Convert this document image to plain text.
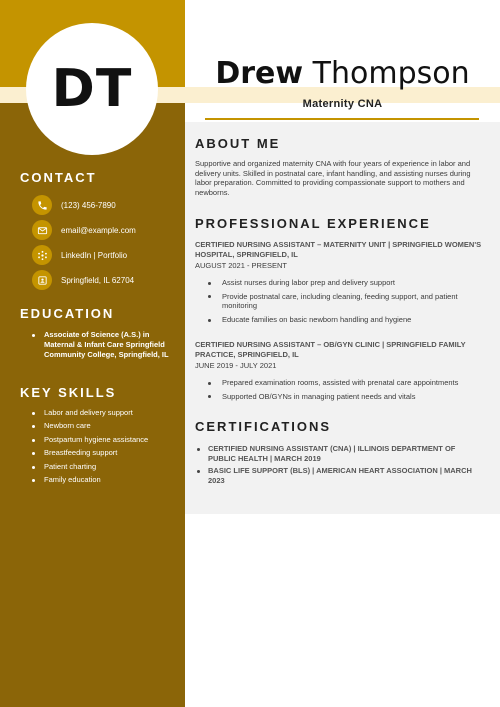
DT	Drew Thompson
Maternity CNA
CONTACT
(123) 456-7890
email@example.com
LinkedIn | Portfolio
Springfield, IL 62704
EDUCATION
Associate of Science (A.S.) in Maternal & Infant Care Springfield Community College, Springfield, IL
KEY SKILLS
Labor and delivery support
Newborn care
Postpartum hygiene assistance
Breastfeeding support
Patient charting
Family education
ABOUT ME
Supportive and organized maternity CNA with four years of experience in labor and delivery units. Skilled in postnatal care, infant handling, and assisting nurses during labor preparation. Committed to providing compassionate support to mothers and newborns.
PROFESSIONAL EXPERIENCE
CERTIFIED NURSING ASSISTANT – MATERNITY UNIT | SPRINGFIELD WOMEN'S HOSPITAL, SPRINGFIELD, IL
AUGUST 2021 - PRESENT
Assist nurses during labor prep and delivery support
Provide postnatal care, including cleaning, feeding support, and patient monitoring
Educate families on basic newborn handling and hygiene
CERTIFIED NURSING ASSISTANT – OB/GYN CLINIC | SPRINGFIELD FAMILY PRACTICE, SPRINGFIELD, IL
JUNE 2019 - JULY 2021
Prepared examination rooms, assisted with prenatal care appointments
Supported OB/GYNs in managing patient needs and vitals
CERTIFICATIONS
CERTIFIED NURSING ASSISTANT (CNA) | ILLINOIS DEPARTMENT OF PUBLIC HEALTH | MARCH 2019
BASIC LIFE SUPPORT (BLS) | AMERICAN HEART ASSOCIATION | MARCH 2023
